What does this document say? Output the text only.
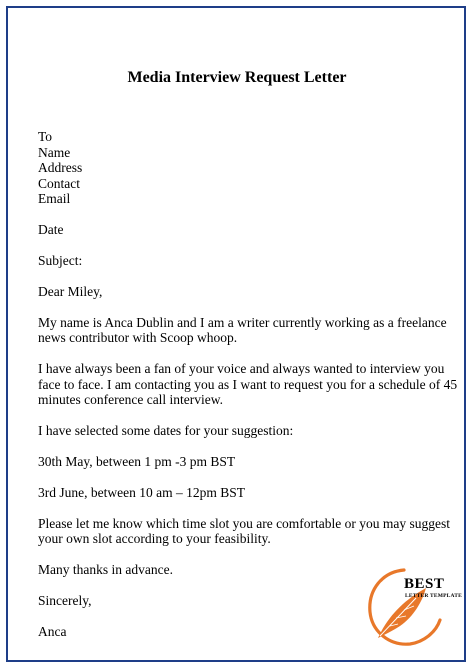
Media Interview Request Letter
To
Name
Address
Contact
Email
Date
Subject:
Dear Miley,
My name is Anca Dublin and I am a writer currently working as a freelance
news contributor with Scoop whoop.
I have always been a fan of your voice and always wanted to interview you
face to face. I am contacting you as I want to request you for a schedule of 45
minutes conference call interview.
I have selected some dates for your suggestion:
30th May, between 1 pm -3 pm BST
3rd June, between 10 am – 12pm BST
Please let me know which time slot you are comfortable or you may suggest
your own slot according to your feasibility.
Many thanks in advance.
Sincerely,
Anca
BEST
LETTER TEMPLATE
